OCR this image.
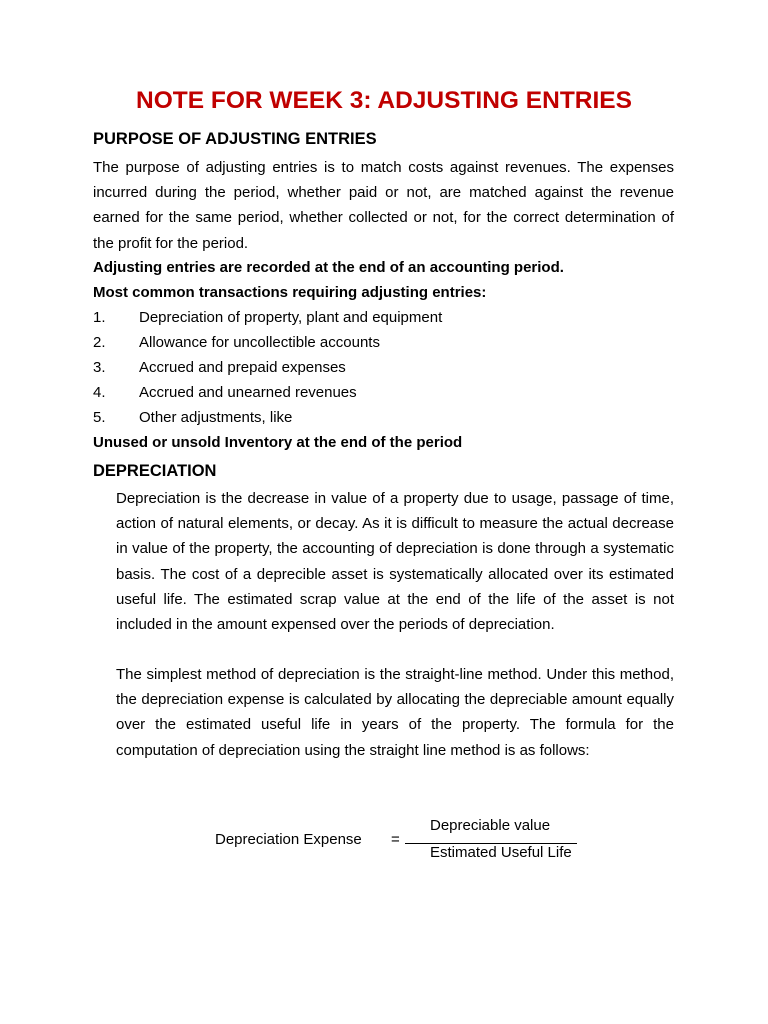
NOTE FOR WEEK 3: ADJUSTING ENTRIES
PURPOSE OF ADJUSTING ENTRIES
The purpose of adjusting entries is to match costs against revenues. The expenses incurred during the period, whether paid or not, are matched against the revenue earned for the same period, whether collected or not, for the correct determination of the profit for the period.
Adjusting entries are recorded at the end of an accounting period.
Most common transactions requiring adjusting entries:
1. Depreciation of property, plant and equipment
2. Allowance for uncollectible accounts
3. Accrued and prepaid expenses
4. Accrued and unearned revenues
5. Other adjustments, like
Unused or unsold Inventory at the end of the period
DEPRECIATION
Depreciation is the decrease in value of a property due to usage, passage of time, action of natural elements, or decay. As it is difficult to measure the actual decrease in value of the property, the accounting of depreciation is done through a systematic basis. The cost of a deprecible asset is systematically allocated over its estimated useful life. The estimated scrap value at the end of the life of the asset is not included in the amount expensed over the periods of depreciation.
The simplest method of depreciation is the straight-line method. Under this method, the depreciation expense is calculated by allocating the depreciable amount equally over the estimated useful life in years of the property. The formula for the computation of depreciation using the straight line method is as follows:
Depreciation Expense =
Depreciable value
Estimated Useful Life
